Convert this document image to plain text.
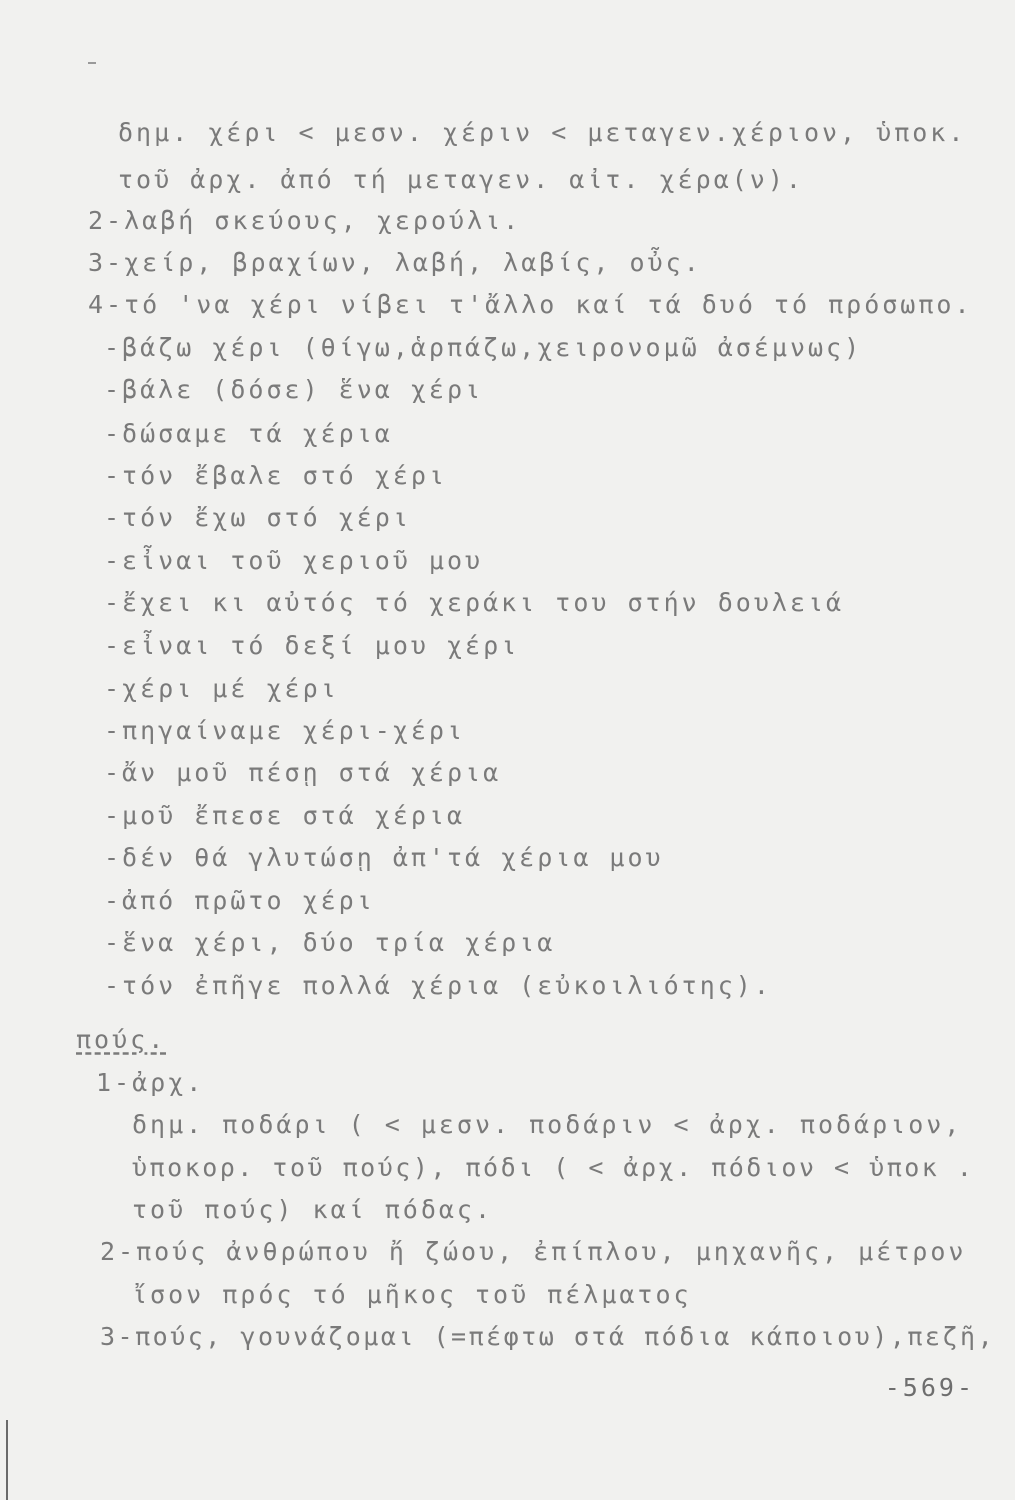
δημ. χέρι < μεσν. χέριν < μεταγεν.χέριον, ὑποκ.
τοῦ ἀρχ. ἀπό τή μεταγεν. αἰτ. χέρα(ν).
2-λαβή σκεύους, χερούλι.
3-χείρ, βραχίων, λαβή, λαβίς, οὖς.
4-τό 'να χέρι νίβει τ'ἄλλο καί τά δυό τό πρόσωπο.
-βάζω χέρι (θίγω,ἁρπάζω,χειρονομῶ ἀσέμνως)
-βάλε (δόσε) ἕνα χέρι
-δώσαμε τά χέρια
-τόν ἔβαλε στό χέρι
-τόν ἔχω στό χέρι
-εἶναι τοῦ χεριοῦ μου
-ἔχει κι αὐτός τό χεράκι του στήν δουλειά
-εἶναι τό δεξί μου χέρι
-χέρι μέ χέρι
-πηγαίναμε χέρι-χέρι
-ἄν μοῦ πέσῃ στά χέρια
-μοῦ ἔπεσε στά χέρια
-δέν θά γλυτώσῃ ἀπ'τά χέρια μου
-ἀπό πρῶτο χέρι
-ἕνα χέρι, δύο τρία χέρια
-τόν ἐπῆγε πολλά χέρια (εὐκοιλιότης).
πούς.
1-ἀρχ.
δημ. ποδάρι ( < μεσν. ποδάριν < ἀρχ. ποδάριον,
ὑποκορ. τοῦ πούς), πόδι ( < ἀρχ. πόδιον < ὑποκ .
τοῦ πούς) καί πόδας.
2-πούς ἀνθρώπου ἤ ζώου, ἐπίπλου, μηχανῆς, μέτρον
ἴσον πρός τό μῆκος τοῦ πέλματος
3-πούς, γουνάζομαι (=πέφτω στά πόδια κάποιου),πεζῆ,
-569-
